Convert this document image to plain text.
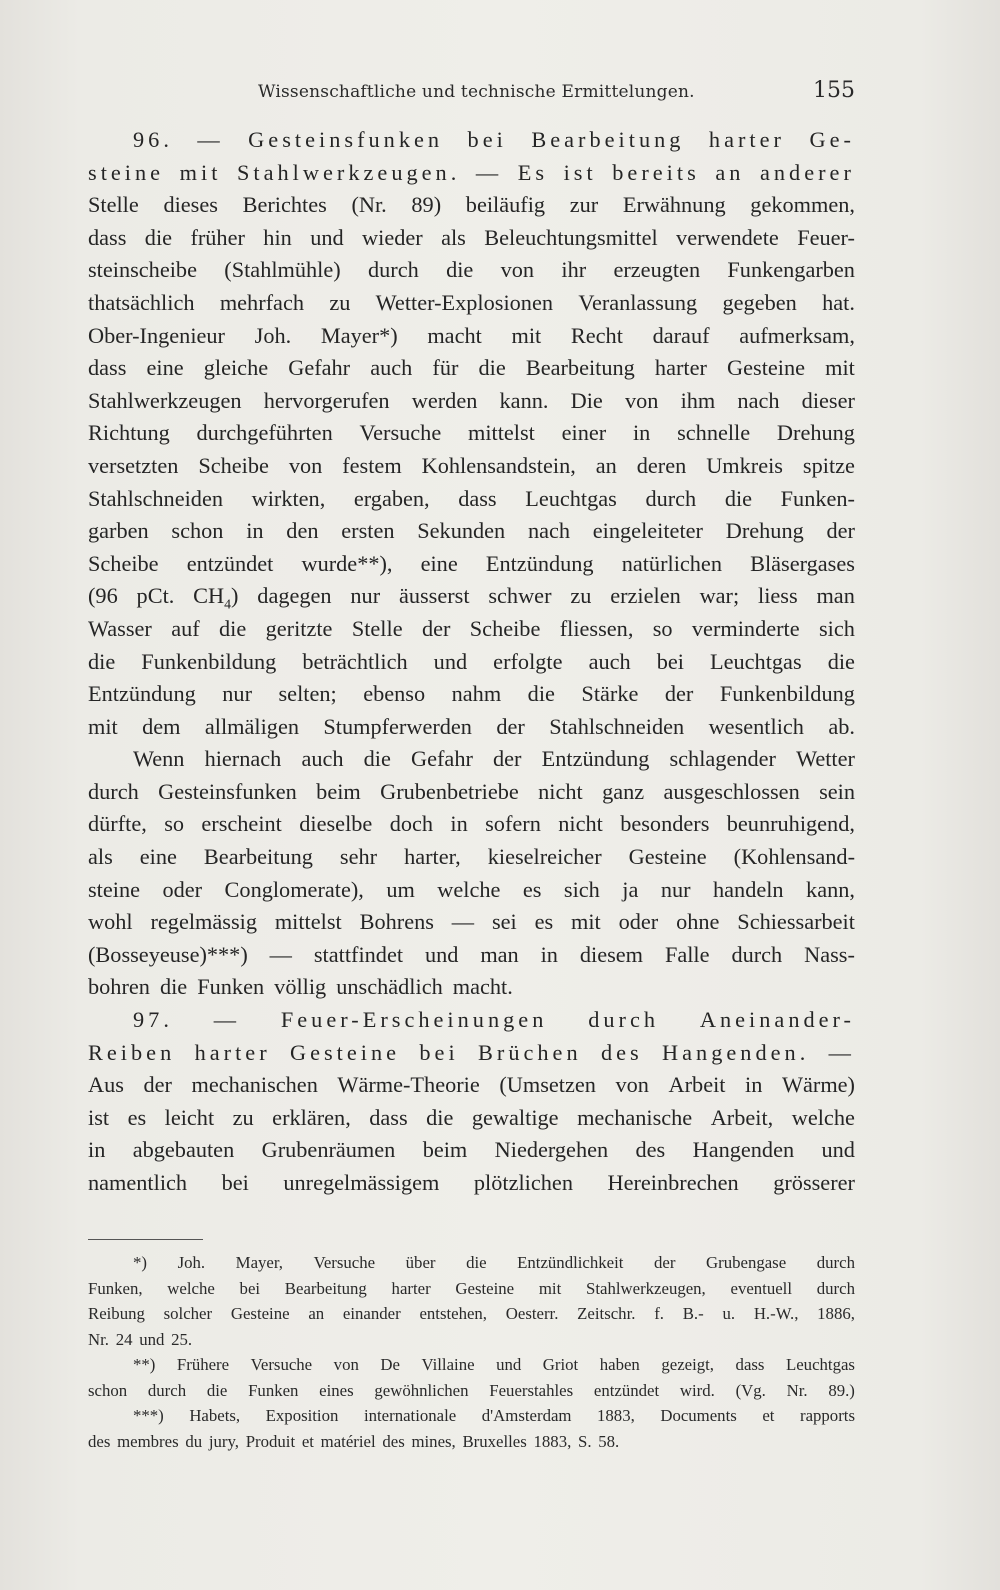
Wissenschaftliche und technische Ermittelungen.	155
96. — Gesteinsfunken bei Bearbeitung harter Ge-
steine mit Stahlwerkzeugen. — Es ist bereits an anderer
Stelle dieses Berichtes (Nr. 89) beiläufig zur Erwähnung gekommen,
dass die früher hin und wieder als Beleuchtungsmittel verwendete Feuer-
steinscheibe (Stahlmühle) durch die von ihr erzeugten Funkengarben
thatsächlich mehrfach zu Wetter-Explosionen Veranlassung gegeben hat.
Ober-Ingenieur Joh. Mayer*) macht mit Recht darauf aufmerksam,
dass eine gleiche Gefahr auch für die Bearbeitung harter Gesteine mit
Stahlwerkzeugen hervorgerufen werden kann. Die von ihm nach dieser
Richtung durchgeführten Versuche mittelst einer in schnelle Drehung
versetzten Scheibe von festem Kohlensandstein, an deren Umkreis spitze
Stahlschneiden wirkten, ergaben, dass Leuchtgas durch die Funken-
garben schon in den ersten Sekunden nach eingeleiteter Drehung der
Scheibe entzündet wurde**), eine Entzündung natürlichen Bläsergases
(96 pCt. $CH_4$) dagegen nur äusserst schwer zu erzielen war; liess man
Wasser auf die geritzte Stelle der Scheibe fliessen, so verminderte sich
die Funkenbildung beträchtlich und erfolgte auch bei Leuchtgas die
Entzündung nur selten; ebenso nahm die Stärke der Funkenbildung
mit dem allmäligen Stumpferwerden der Stahlschneiden wesentlich ab.
Wenn hiernach auch die Gefahr der Entzündung schlagender Wetter
durch Gesteinsfunken beim Grubenbetriebe nicht ganz ausgeschlossen sein
dürfte, so erscheint dieselbe doch in sofern nicht besonders beunruhigend,
als eine Bearbeitung sehr harter, kieselreicher Gesteine (Kohlensand-
steine oder Conglomerate), um welche es sich ja nur handeln kann,
wohl regelmässig mittelst Bohrens — sei es mit oder ohne Schiessarbeit
(Bosseyeuse)***) — stattfindet und man in diesem Falle durch Nass-
bohren die Funken völlig unschädlich macht.
97. — Feuer-Erscheinungen durch Aneinander-
Reiben harter Gesteine bei Brüchen des Hangenden. —
Aus der mechanischen Wärme-Theorie (Umsetzen von Arbeit in Wärme)
ist es leicht zu erklären, dass die gewaltige mechanische Arbeit, welche
in abgebauten Grubenräumen beim Niedergehen des Hangenden und
namentlich bei unregelmässigem plötzlichen Hereinbrechen grösserer
*) Joh. Mayer, Versuche über die Entzündlichkeit der Grubengase durch
Funken, welche bei Bearbeitung harter Gesteine mit Stahlwerkzeugen, eventuell durch
Reibung solcher Gesteine an einander entstehen, Oesterr. Zeitschr. f. B.- u. H.-W., 1886,
Nr. 24 und 25.
**) Frühere Versuche von De Villaine und Griot haben gezeigt, dass Leuchtgas
schon durch die Funken eines gewöhnlichen Feuerstahles entzündet wird. (Vg. Nr. 89.)
***) Habets, Exposition internationale d'Amsterdam 1883, Documents et rapports
des membres du jury, Produit et matériel des mines, Bruxelles 1883, S. 58.
